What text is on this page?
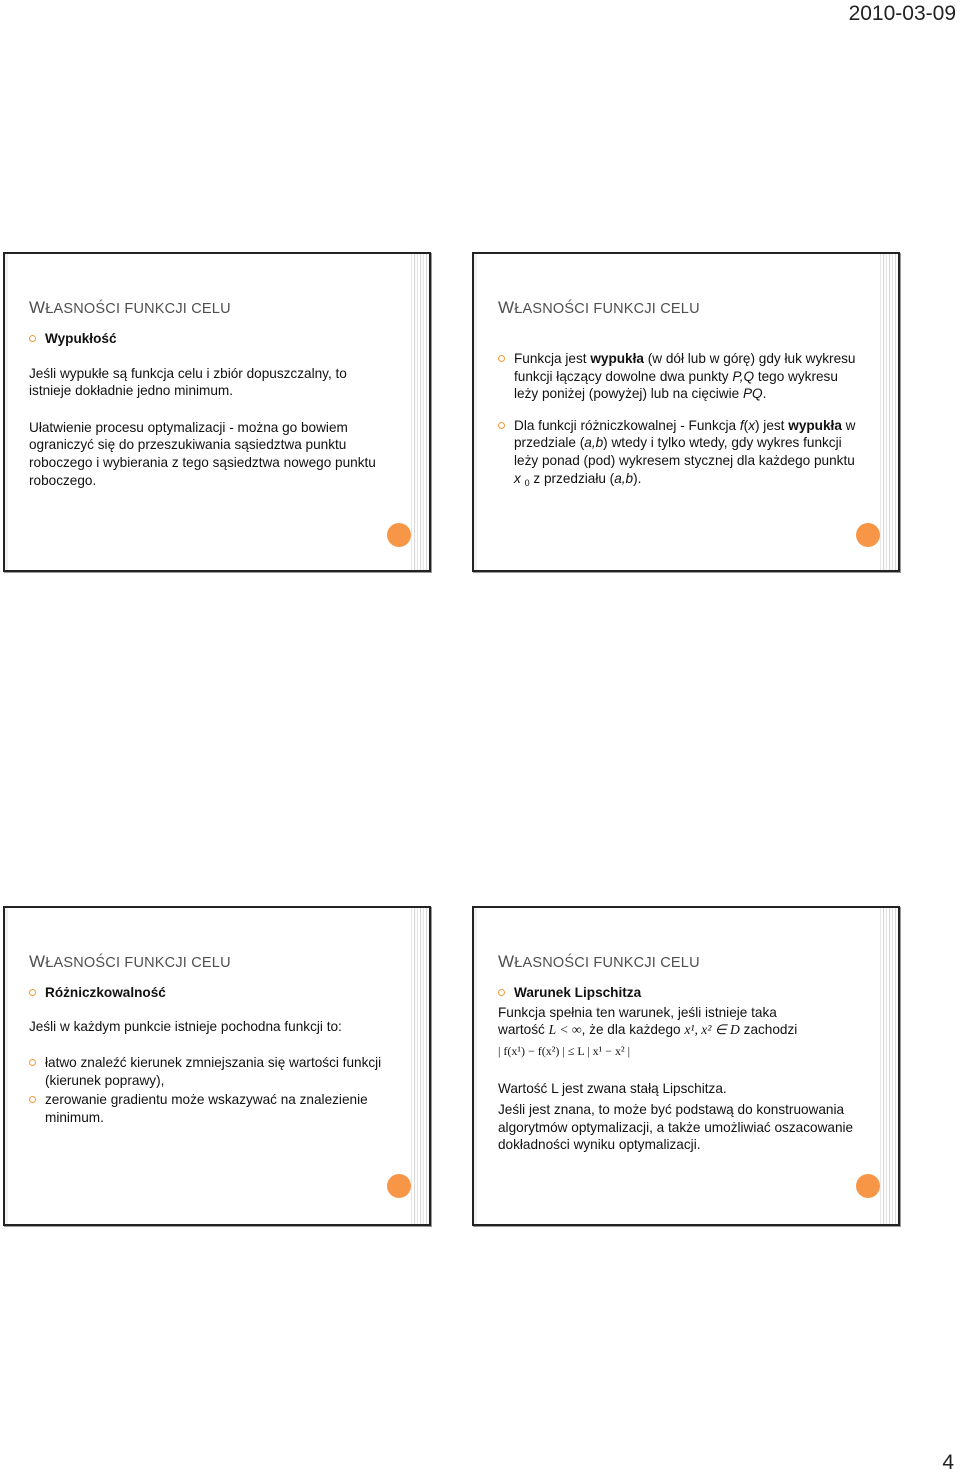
2010-03-09
WŁASNOŚCI FUNKCJI CELU
Wypukłość

Jeśli wypukłe są funkcja celu i zbiór dopuszczalny, to istnieje dokładnie jedno minimum.

Ułatwienie procesu optymalizacji - można go bowiem ograniczyć się do przeszukiwania sąsiedztwa punktu roboczego i wybierania z tego sąsiedztwa nowego punktu roboczego.

WŁASNOŚCI FUNKCJI CELU
Funkcja jest wypukła (w dół lub w górę) gdy łuk wykresu funkcji łączący dowolne dwa punkty P,Q tego wykresu leży poniżej (powyżej) lub na cięciwie PQ.
Dla funkcji różniczkowalnej - Funkcja f(x) jest wypukła w przedziale (a,b) wtedy i tylko wtedy, gdy wykres funkcji leży ponad (pod) wykresem stycznej dla każdego punktu x $_0$ z przedziału (a,b).
WŁASNOŚCI FUNKCJI CELU
Różniczkowalność

Jeśli w każdym punkcie istnieje pochodna funkcji to:

łatwo znaleźć kierunek zmniejszania się wartości funkcji (kierunek poprawy),
zerowanie gradientu może wskazywać na znalezienie minimum.
WŁASNOŚCI FUNKCJI CELU
Warunek Lipschitza

Funkcja spełnia ten warunek, jeśli istnieje taka

wartość L < ∞, że dla każdego x¹, x² ∈ D zachodzi

| f(x¹) − f(x²) | ≤ L | x¹ − x² |

Wartość L jest zwana stałą Lipschitza.

Jeśli jest znana, to może być podstawą do konstruowania algorytmów optymalizacji, a także umożliwiać oszacowanie dokładności wyniku optymalizacji.

4
